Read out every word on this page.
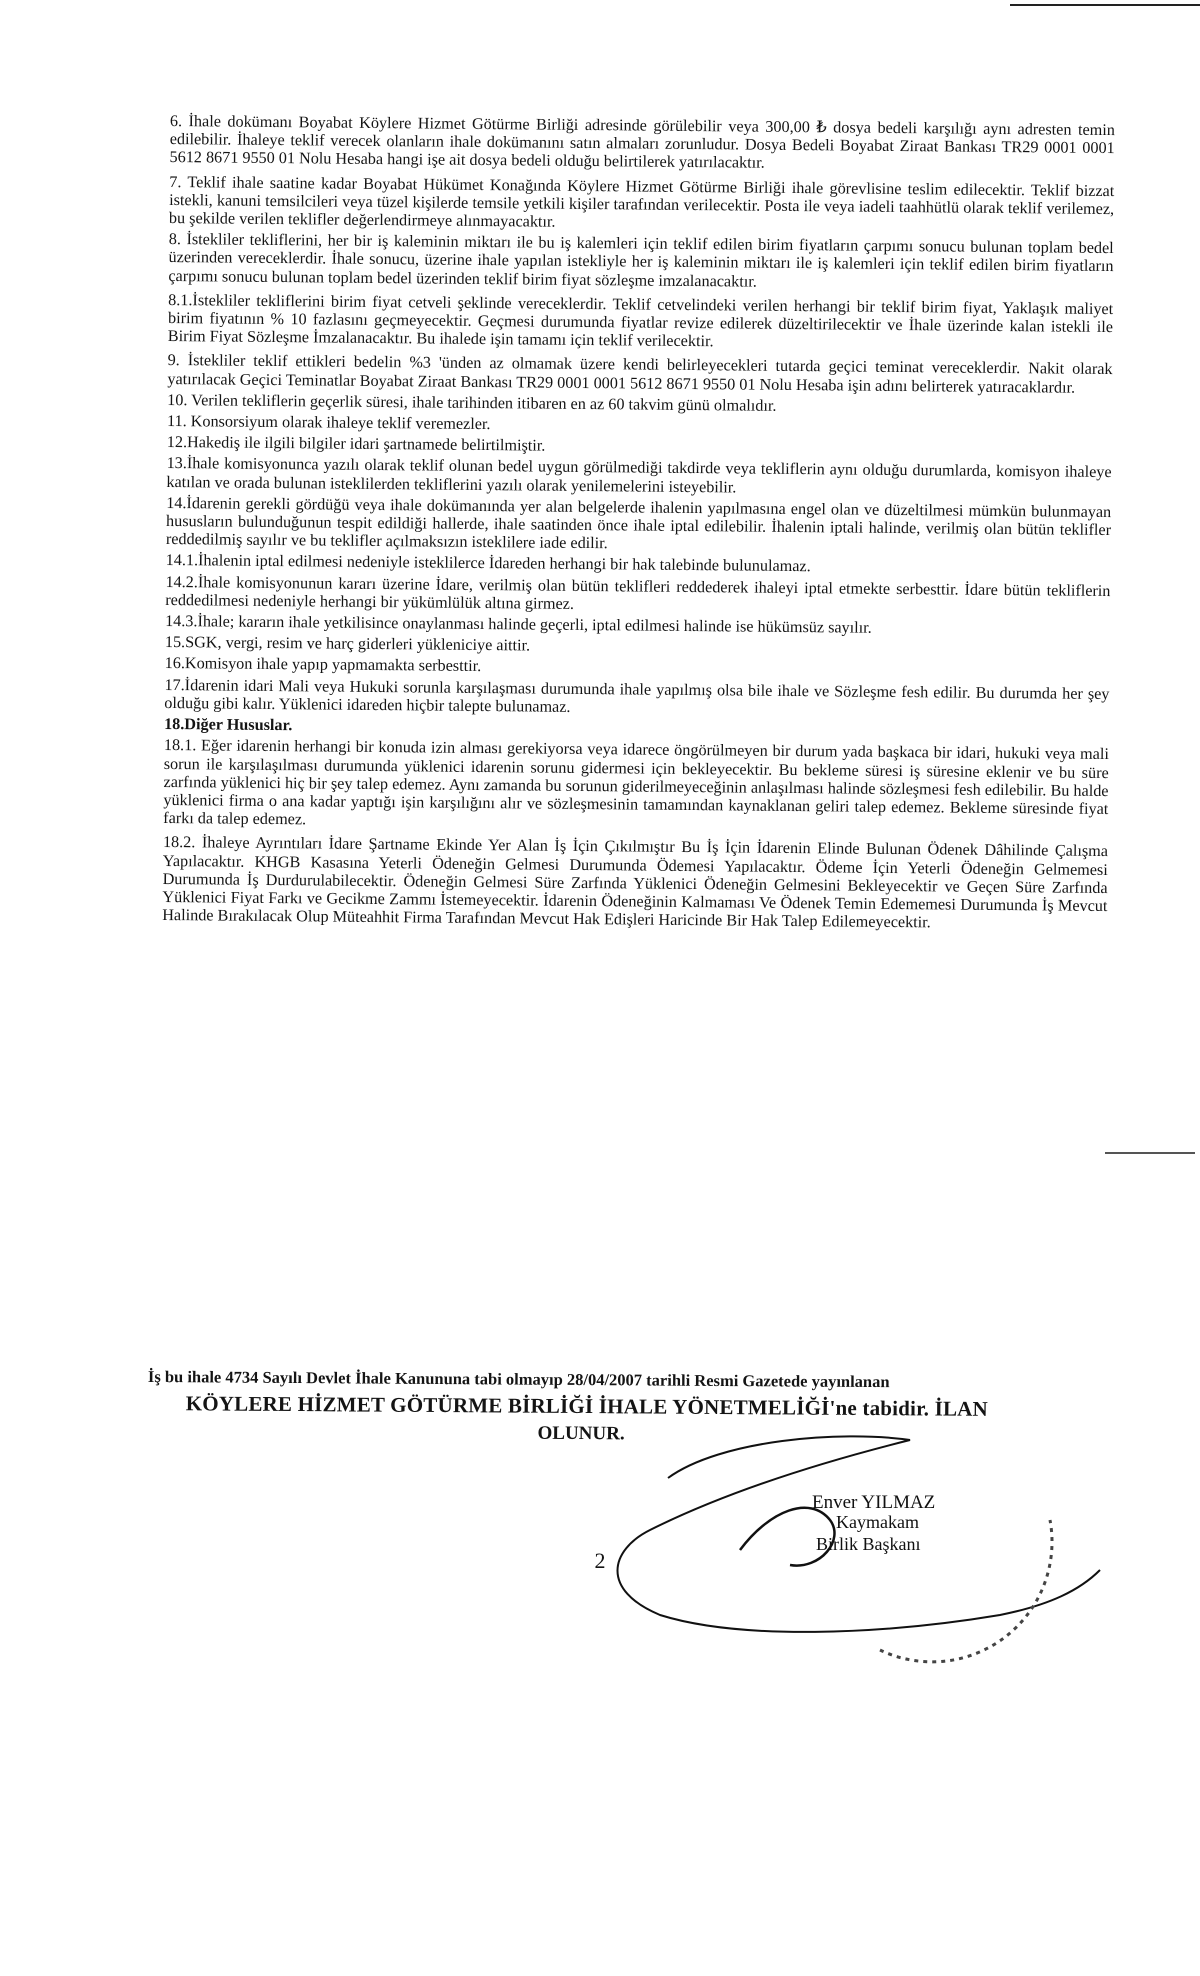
6. İhale dokümanı Boyabat Köylere Hizmet Götürme Birliği adresinde görülebilir veya 300,00 ₺ dosya bedeli karşılığı aynı adresten temin edilebilir. İhaleye teklif verecek olanların ihale dokümanını satın almaları zorunludur. Dosya Bedeli Boyabat Ziraat Bankası TR29 0001 0001 5612 8671 9550 01 Nolu Hesaba hangi işe ait dosya bedeli olduğu belirtilerek yatırılacaktır.

7. Teklif ihale saatine kadar Boyabat Hükümet Konağında Köylere Hizmet Götürme Birliği ihale görevlisine teslim edilecektir. Teklif bizzat istekli, kanuni temsilcileri veya tüzel kişilerde temsile yetkili kişiler tarafından verilecektir. Posta ile veya iadeli taahhütlü olarak teklif verilemez, bu şekilde verilen teklifler değerlendirmeye alınmayacaktır.

8. İstekliler tekliflerini, her bir iş kaleminin miktarı ile bu iş kalemleri için teklif edilen birim fiyatların çarpımı sonucu bulunan toplam bedel üzerinden vereceklerdir. İhale sonucu, üzerine ihale yapılan istekliyle her iş kaleminin miktarı ile iş kalemleri için teklif edilen birim fiyatların çarpımı sonucu bulunan toplam bedel üzerinden teklif birim fiyat sözleşme imzalanacaktır.

8.1.İstekliler tekliflerini birim fiyat cetveli şeklinde vereceklerdir. Teklif cetvelindeki verilen herhangi bir teklif birim fiyat, Yaklaşık maliyet birim fiyatının % 10 fazlasını geçmeyecektir. Geçmesi durumunda fiyatlar revize edilerek düzeltirilecektir ve İhale üzerinde kalan istekli ile Birim Fiyat Sözleşme İmzalanacaktır. Bu ihalede işin tamamı için teklif verilecektir.

9. İstekliler teklif ettikleri bedelin %3 'ünden az olmamak üzere kendi belirleyecekleri tutarda geçici teminat vereceklerdir. Nakit olarak yatırılacak Geçici Teminatlar Boyabat Ziraat Bankası TR29 0001 0001 5612 8671 9550 01 Nolu Hesaba işin adını belirterek yatıracaklardır.

10. Verilen tekliflerin geçerlik süresi, ihale tarihinden itibaren en az 60 takvim günü olmalıdır.

11. Konsorsiyum olarak ihaleye teklif veremezler.

12.Hakediş ile ilgili bilgiler idari şartnamede belirtilmiştir.

13.İhale komisyonunca yazılı olarak teklif olunan bedel uygun görülmediği takdirde veya tekliflerin aynı olduğu durumlarda, komisyon ihaleye katılan ve orada bulunan isteklilerden tekliflerini yazılı olarak yenilemelerini isteyebilir.

14.İdarenin gerekli gördüğü veya ihale dokümanında yer alan belgelerde ihalenin yapılmasına engel olan ve düzeltilmesi mümkün bulunmayan hususların bulunduğunun tespit edildiği hallerde, ihale saatinden önce ihale iptal edilebilir. İhalenin iptali halinde, verilmiş olan bütün teklifler reddedilmiş sayılır ve bu teklifler açılmaksızın isteklilere iade edilir.

14.1.İhalenin iptal edilmesi nedeniyle isteklilerce İdareden herhangi bir hak talebinde bulunulamaz.

14.2.İhale komisyonunun kararı üzerine İdare, verilmiş olan bütün teklifleri reddederek ihaleyi iptal etmekte serbesttir. İdare bütün tekliflerin reddedilmesi nedeniyle herhangi bir yükümlülük altına girmez.

14.3.İhale; kararın ihale yetkilisince onaylanması halinde geçerli, iptal edilmesi halinde ise hükümsüz sayılır.

15.SGK, vergi, resim ve harç giderleri yükleniciye aittir.

16.Komisyon ihale yapıp yapmamakta serbesttir.

17.İdarenin idari Mali veya Hukuki sorunla karşılaşması durumunda ihale yapılmış olsa bile ihale ve Sözleşme fesh edilir. Bu durumda her şey olduğu gibi kalır. Yüklenici idareden hiçbir talepte bulunamaz.

18.Diğer Hususlar.

18.1. Eğer idarenin herhangi bir konuda izin alması gerekiyorsa veya idarece öngörülmeyen bir durum yada başkaca bir idari, hukuki veya mali sorun ile karşılaşılması durumunda yüklenici idarenin sorunu gidermesi için bekleyecektir. Bu bekleme süresi iş süresine eklenir ve bu süre zarfında yüklenici hiç bir şey talep edemez. Aynı zamanda bu sorunun giderilmeyeceğinin anlaşılması halinde sözleşmesi fesh edilebilir. Bu halde yüklenici firma o ana kadar yaptığı işin karşılığını alır ve sözleşmesinin tamamından kaynaklanan geliri talep edemez. Bekleme süresinde fiyat farkı da talep edemez.

18.2. İhaleye Ayrıntıları İdare Şartname Ekinde Yer Alan İş İçin Çıkılmıştır Bu İş İçin İdarenin Elinde Bulunan Ödenek Dâhilinde Çalışma Yapılacaktır. KHGB Kasasına Yeterli Ödeneğin Gelmesi Durumunda Ödemesi Yapılacaktır. Ödeme İçin Yeterli Ödeneğin Gelmemesi Durumunda İş Durdurulabilecektir. Ödeneğin Gelmesi Süre Zarfında Yüklenici Ödeneğin Gelmesini Bekleyecektir ve Geçen Süre Zarfında Yüklenici Fiyat Farkı ve Gecikme Zammı İstemeyecektir. İdarenin Ödeneğinin Kalmaması Ve Ödenek Temin Edememesi Durumunda İş Mevcut Halinde Bırakılacak Olup Müteahhit Firma Tarafından Mevcut Hak Edişleri Haricinde Bir Hak Talep Edilemeyecektir.

İş bu ihale 4734 Sayılı Devlet İhale Kanununa tabi olmayıp 28/04/2007 tarihli Resmi Gazetede yayınlanan

KÖYLERE HİZMET GÖTÜRME BİRLİĞİ İHALE YÖNETMELİĞİ'ne tabidir. İLAN

OLUNUR.

Enver YILMAZ
Kaymakam
Birlik Başkanı
2
